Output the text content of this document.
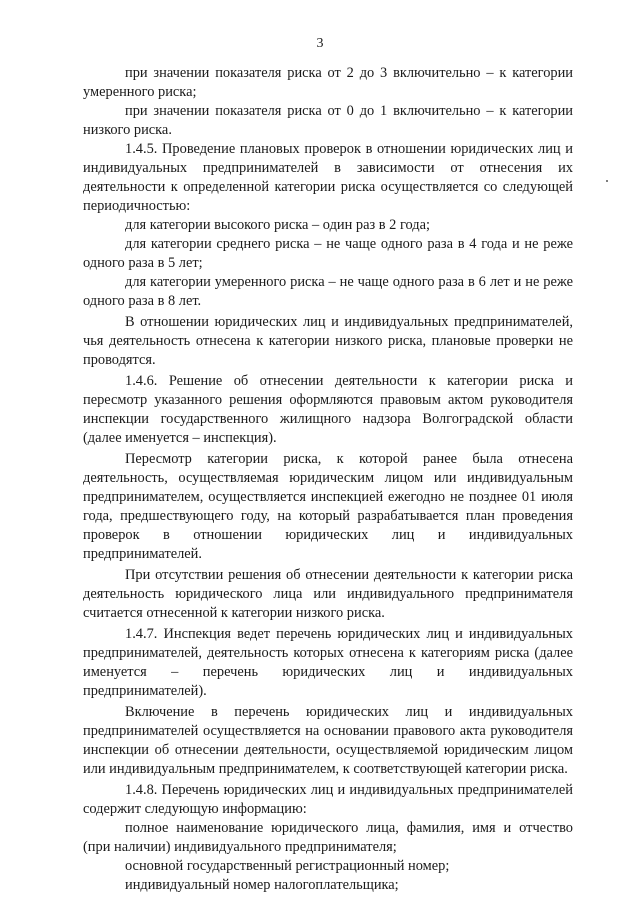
3

при значении показателя риска от 2 до 3 включительно – к категории умеренного риска;

при значении показателя риска от 0 до 1 включительно – к категории низкого риска.

1.4.5. Проведение плановых проверок в отношении юридических лиц и индивидуальных предпринимателей в зависимости от отнесения их деятельности к определенной категории риска осуществляется со следующей периодичностью:

для категории высокого риска – один раз в 2 года;

для категории среднего риска – не чаще одного раза в 4 года и не реже одного раза в 5 лет;

для категории умеренного риска – не чаще одного раза в 6 лет и не реже одного раза в 8 лет.

В отношении юридических лиц и индивидуальных предпринимателей, чья деятельность отнесена к категории низкого риска, плановые проверки не проводятся.

1.4.6. Решение об отнесении деятельности к категории риска и пересмотр указанного решения оформляются правовым актом руководителя инспекции государственного жилищного надзора Волгоградской области (далее именуется – инспекция).

Пересмотр категории риска, к которой ранее была отнесена деятельность, осуществляемая юридическим лицом или индивидуальным предпринимателем, осуществляется инспекцией ежегодно не позднее 01 июля года, предшествующего году, на который разрабатывается план проведения проверок в отношении юридических лиц и индивидуальных предпринимателей.

При отсутствии решения об отнесении деятельности к категории риска деятельность юридического лица или индивидуального предпринимателя считается отнесенной к категории низкого риска.

1.4.7. Инспекция ведет перечень юридических лиц и индивидуальных предпринимателей, деятельность которых отнесена к категориям риска (далее именуется – перечень юридических лиц и индивидуальных предпринимателей).

Включение в перечень юридических лиц и индивидуальных предпринимателей осуществляется на основании правового акта руководителя инспекции об отнесении деятельности, осуществляемой юридическим лицом или индивидуальным предпринимателем, к соответствующей категории риска.

1.4.8. Перечень юридических лиц и индивидуальных предпринимателей содержит следующую информацию:

полное наименование юридического лица, фамилия, имя и отчество (при наличии) индивидуального предпринимателя;

основной государственный регистрационный номер;

индивидуальный номер налогоплательщика;
